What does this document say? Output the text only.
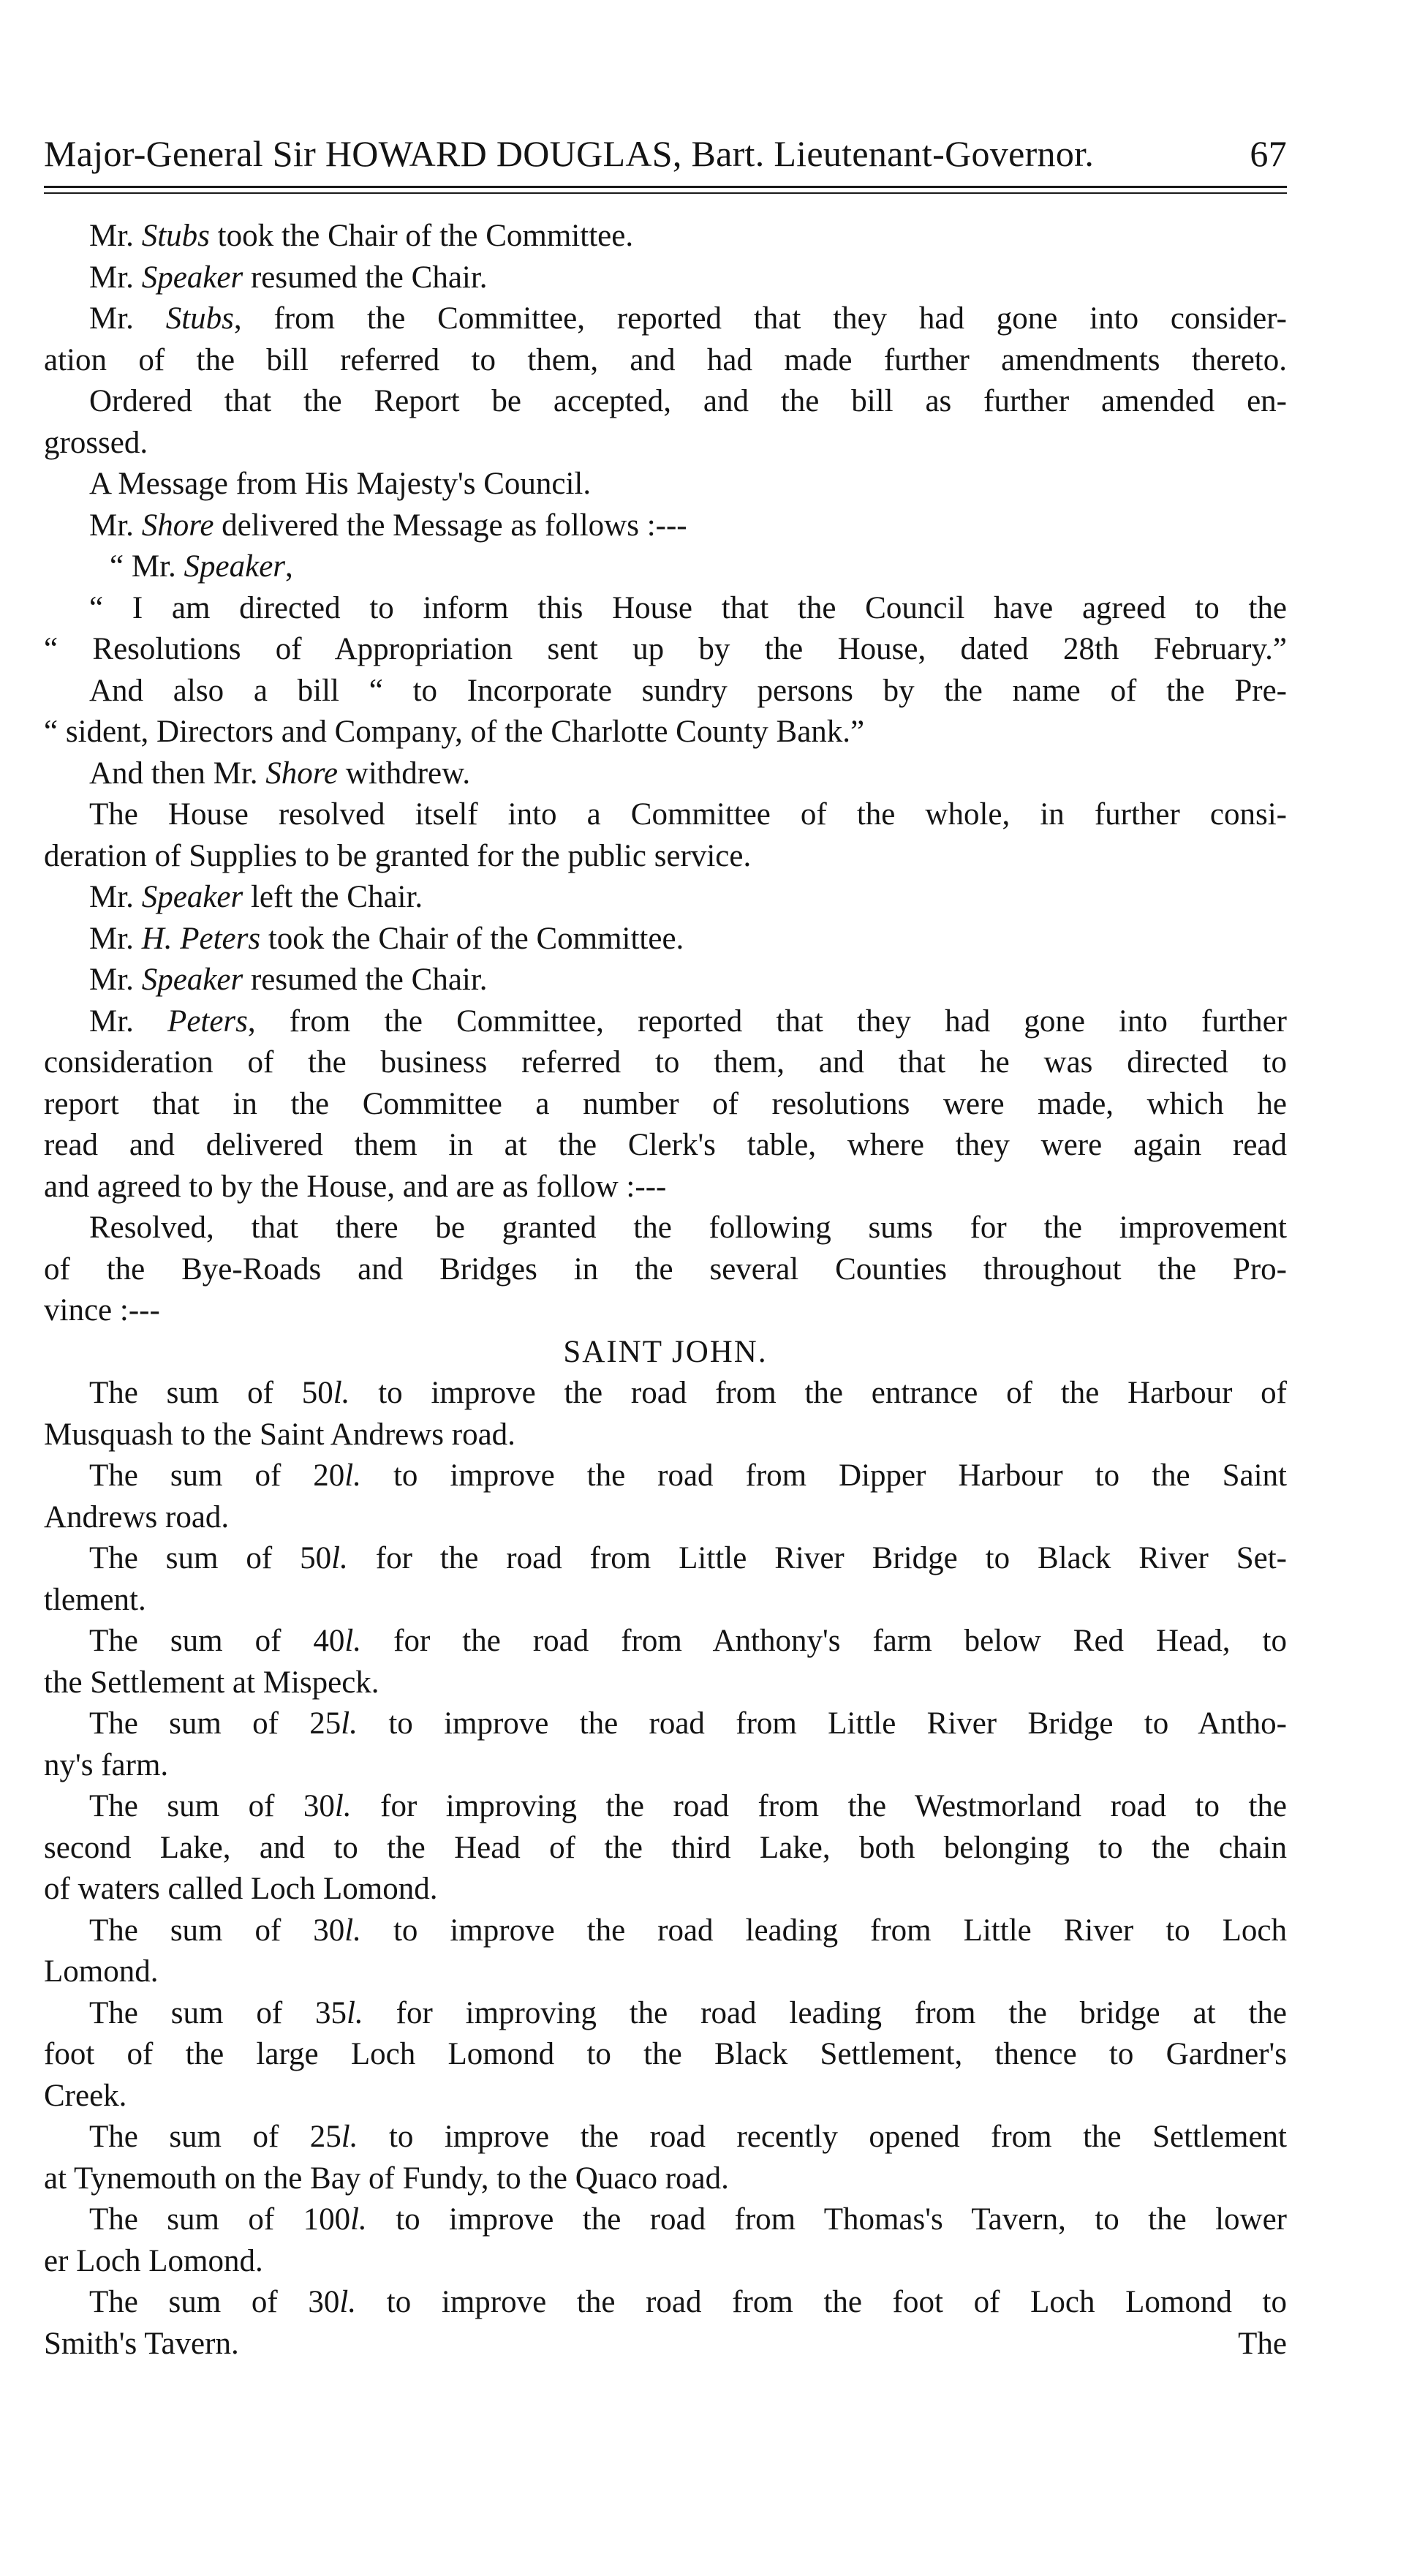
Major-General Sir HOWARD DOUGLAS, Bart. Lieutenant-Governor.	67
Mr. Stubs took the Chair of the Committee.
Mr. Speaker resumed the Chair.
Mr. Stubs, from the Committee, reported that they had gone into consider-
ation of the bill referred to them, and had made further amendments thereto.
Ordered that the Report be accepted, and the bill as further amended en-
grossed.
A Message from His Majesty's Council.
Mr. Shore delivered the Message as follows :---
“ Mr. Speaker,
“ I am directed to inform this House that the Council have agreed to the
“ Resolutions of Appropriation sent up by the House, dated 28th February.”
And also a bill “ to Incorporate sundry persons by the name of the Pre-
“ sident, Directors and Company, of the Charlotte County Bank.”
And then Mr. Shore withdrew.
The House resolved itself into a Committee of the whole, in further consi-
deration of Supplies to be granted for the public service.
Mr. Speaker left the Chair.
Mr. H. Peters took the Chair of the Committee.
Mr. Speaker resumed the Chair.
Mr. Peters, from the Committee, reported that they had gone into further
consideration of the business referred to them, and that he was directed to
report that in the Committee a number of resolutions were made, which he
read and delivered them in at the Clerk's table, where they were again read
and agreed to by the House, and are as follow :---
Resolved, that there be granted the following sums for the improvement
of the Bye-Roads and Bridges in the several Counties throughout the Pro-
vince :---
SAINT JOHN.
The sum of 50l. to improve the road from the entrance of the Harbour of
Musquash to the Saint Andrews road.
The sum of 20l. to improve the road from Dipper Harbour to the Saint
Andrews road.
The sum of 50l. for the road from Little River Bridge to Black River Set-
tlement.
The sum of 40l. for the road from Anthony's farm below Red Head, to
the Settlement at Mispeck.
The sum of 25l. to improve the road from Little River Bridge to Antho-
ny's farm.
The sum of 30l. for improving the road from the Westmorland road to the
second Lake, and to the Head of the third Lake, both belonging to the chain
of waters called Loch Lomond.
The sum of 30l. to improve the road leading from Little River to Loch
Lomond.
The sum of 35l. for improving the road leading from the bridge at the
foot of the large Loch Lomond to the Black Settlement, thence to Gardner's
Creek.
The sum of 25l. to improve the road recently opened from the Settlement
at Tynemouth on the Bay of Fundy, to the Quaco road.
The sum of 100l. to improve the road from Thomas's Tavern, to the lower
er Loch Lomond.
The sum of 30l. to improve the road from the foot of Loch Lomond to
Smith's Tavern.	The
